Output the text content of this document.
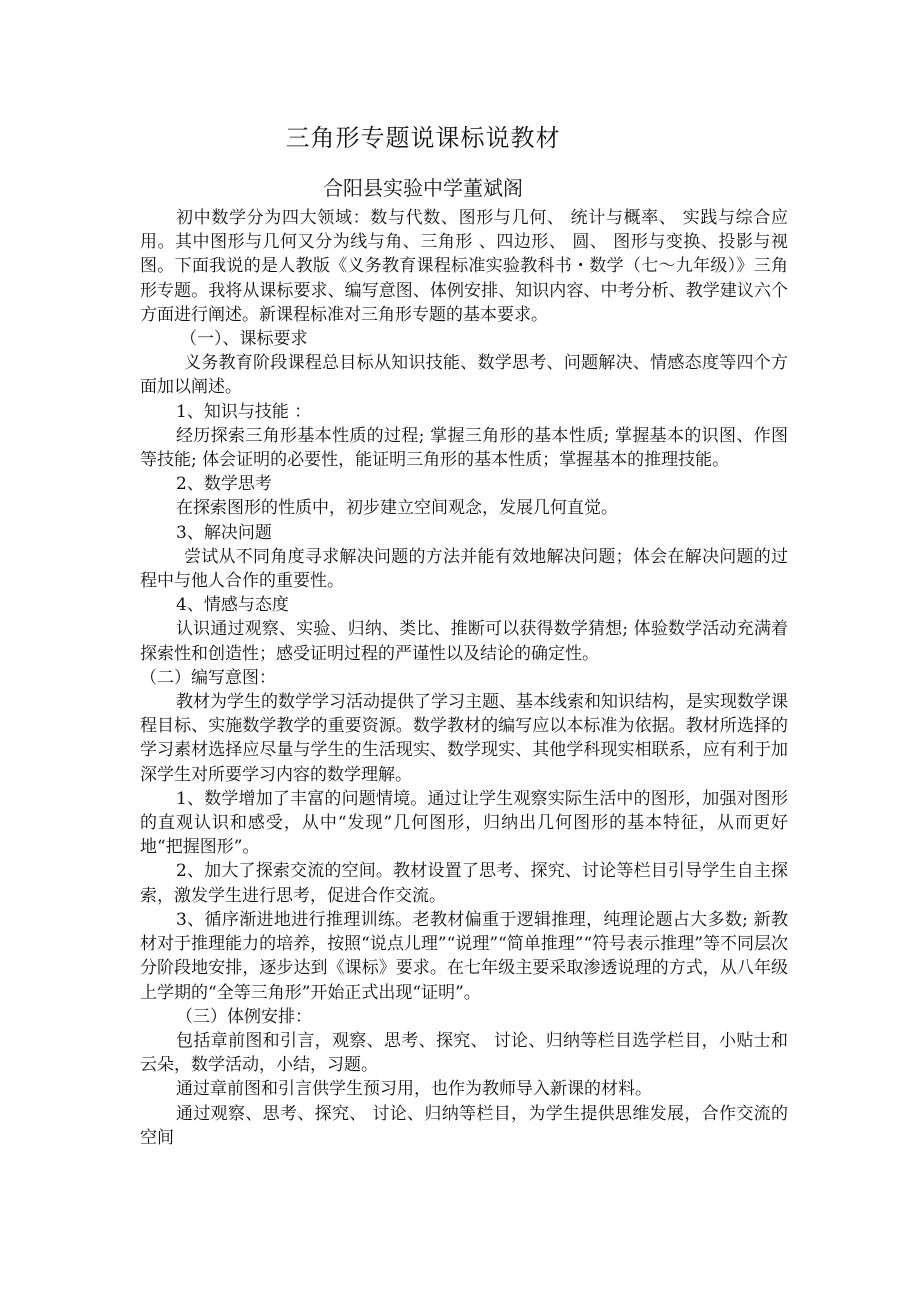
三角形专题说课标说教材
合阳县实验中学董斌阁

初中数学分为四大领域：数与代数、图形与几何、 统计与概率、 实践与综合应用。其中图形与几何又分为线与角、三角形 、四边形、 圆、 图形与变换、投影与视图。下面我说的是人教版《义务教育课程标准实验教科书・数学（七～九年级）》三角形专题。我将从课标要求、编写意图、体例安排、知识内容、中考分析、教学建议六个方面进行阐述。新课程标准对三角形专题的基本要求。

（一）、课标要求

义务教育阶段课程总目标从知识技能、数学思考、问题解决、情感态度等四个方面加以阐述。

1、知识与技能 ：

经历探索三角形基本性质的过程; 掌握三角形的基本性质; 掌握基本的识图、作图等技能; 体会证明的必要性，能证明三角形的基本性质；掌握基本的推理技能。

2、数学思考

在探索图形的性质中，初步建立空间观念，发展几何直觉。

3、解决问题

尝试从不同角度寻求解决问题的方法并能有效地解决问题；体会在解决问题的过程中与他人合作的重要性。

4、情感与态度

认识通过观察、实验、归纳、类比、推断可以获得数学猜想; 体验数学活动充满着探索性和创造性；感受证明过程的严谨性以及结论的确定性。

（二）编写意图：

教材为学生的数学学习活动提供了学习主题、基本线索和知识结构，是实现数学课程目标、实施数学教学的重要资源。数学教材的编写应以本标准为依据。教材所选择的学习素材选择应尽量与学生的生活现实、数学现实、其他学科现实相联系，应有利于加深学生对所要学习内容的数学理解。

1、数学增加了丰富的问题情境。通过让学生观察实际生活中的图形，加强对图形的直观认识和感受，从中“发现”几何图形，归纳出几何图形的基本特征，从而更好地“把握图形”。

2、加大了探索交流的空间。教材设置了思考、探究、讨论等栏目引导学生自主探索，激发学生进行思考，促进合作交流。

3、循序渐进地进行推理训练。老教材偏重于逻辑推理，纯理论题占大多数; 新教材对于推理能力的培养，按照“说点儿理”“说理”“简单推理”“符号表示推理”等不同层次分阶段地安排，逐步达到《课标》要求。在七年级主要采取渗透说理的方式，从八年级上学期的“全等三角形”开始正式出现“证明”。

（三）体例安排：

包括章前图和引言，观察、思考、探究、 讨论、归纳等栏目选学栏目，小贴士和云朵，数学活动，小结，习题。

通过章前图和引言供学生预习用，也作为教师导入新课的材料。

通过观察、思考、探究、 讨论、归纳等栏目，为学生提供思维发展，合作交流的空间
